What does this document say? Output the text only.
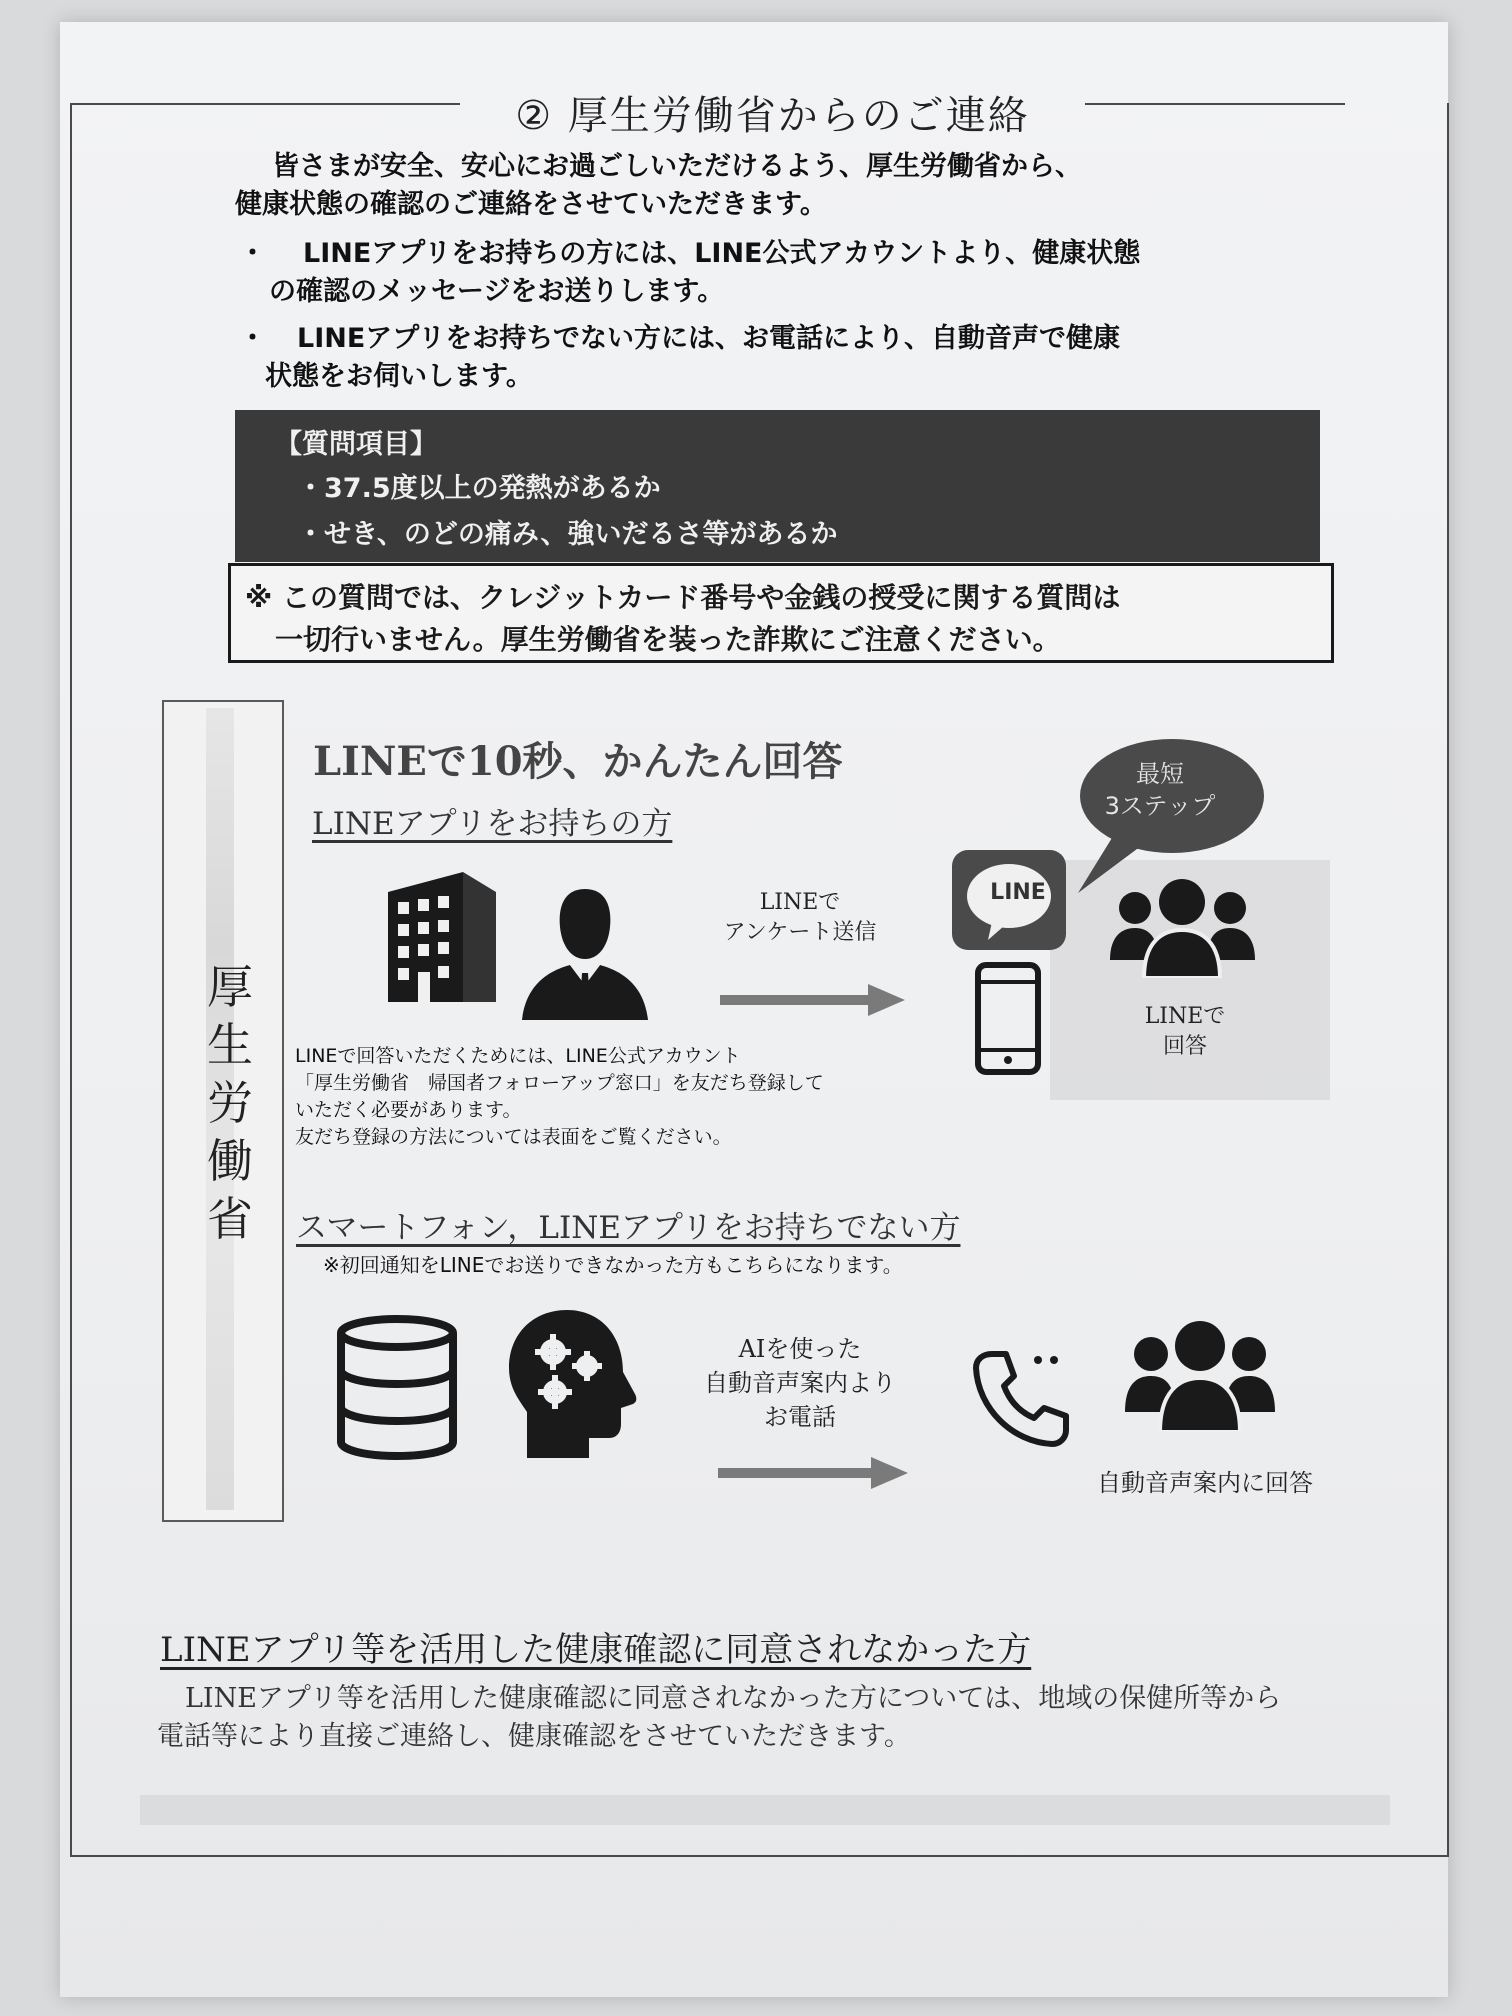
② 厚生労働省からのご連絡

皆さまが安全、安心にお過ごしいただけるよう、厚生労働省から、

健康状態の確認のご連絡をさせていただきます。

・	LINEアプリをお持ちの方には、LINE公式アカウントより、健康状態
の確認のメッセージをお送りします。
・	LINEアプリをお持ちでない方には、お電話により、自動音声で健康
状態をお伺いします。
【質問項目】
・37.5度以上の発熱があるか
・せき、のどの痛み、強いだるさ等があるか
※ この質問では、クレジットカード番号や金銭の授受に関する質問は
一切行いません。厚生労働省を装った詐欺にご注意ください。
厚
生
労
働
省
LINEで10秒、かんたん回答
LINEアプリをお持ちの方
LINEで
アンケート送信
LINEで回答いただくためには、LINE公式アカウント
「厚生労働省　帰国者フォローアップ窓口」を友だち登録して
いただく必要があります。
友だち登録の方法については表面をご覧ください。
LINE
最短
3ステップ
LINEで
回答
スマートフォン，LINEアプリをお持ちでない方
※初回通知をLINEでお送りできなかった方もこちらになります。
AIを使った
自動音声案内より
お電話
自動音声案内に回答
LINEアプリ等を活用した健康確認に同意されなかった方

LINEアプリ等を活用した健康確認に同意されなかった方については、地域の保健所等から

電話等により直接ご連絡し、健康確認をさせていただきます。
